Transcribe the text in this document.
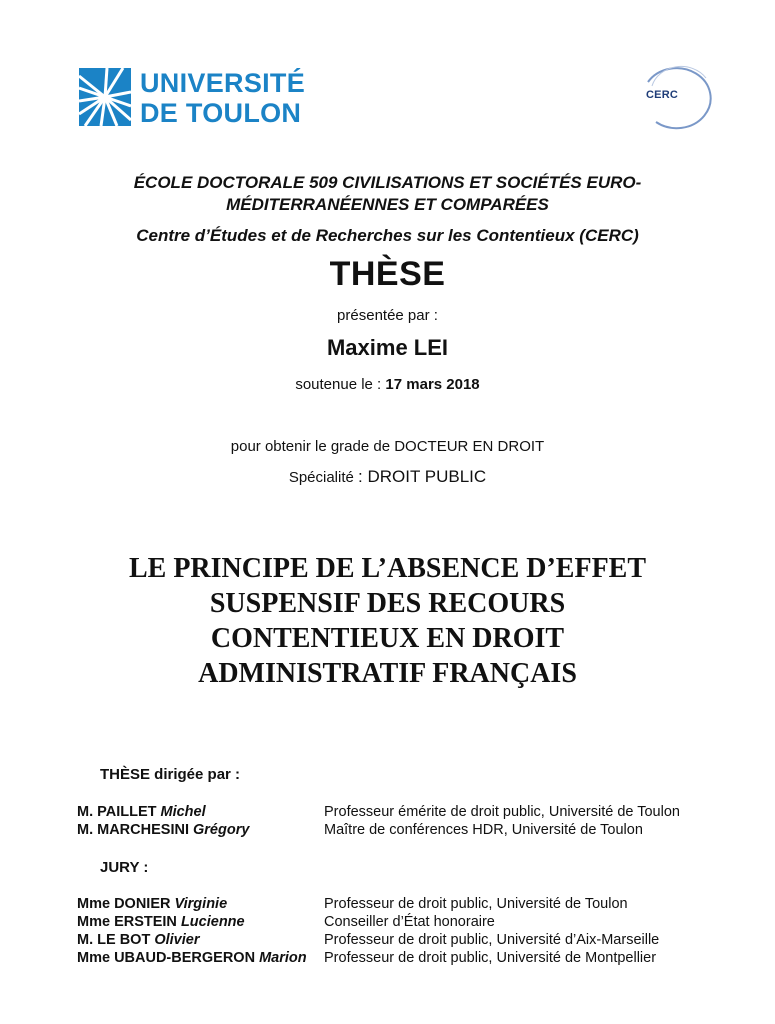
UNIVERSITÉ
DE TOULON
CERC
ÉCOLE DOCTORALE 509 CIVILISATIONS ET SOCIÉTÉS EURO-
MÉDITERRANÉENNES ET COMPARÉES
Centre d’Études et de Recherches sur les Contentieux (CERC)
THÈSE
présentée par :
Maxime LEI
soutenue le : 17 mars 2018
pour obtenir le grade de DOCTEUR EN DROIT
Spécialité : DROIT PUBLIC
LE PRINCIPE DE L’ABSENCE D’EFFET
SUSPENSIF DES RECOURS
CONTENTIEUX EN DROIT
ADMINISTRATIF FRANÇAIS
THÈSE dirigée par :
M. PAILLET Michel	Professeur émérite de droit public, Université de Toulon
M. MARCHESINI Grégory	Maître de conférences HDR, Université de Toulon
JURY :
Mme DONIER Virginie	Professeur de droit public, Université de Toulon
Mme ERSTEIN Lucienne	Conseiller d’État honoraire
M. LE BOT Olivier	Professeur de droit public, Université d’Aix-Marseille
Mme UBAUD-BERGERON Marion Professeur de droit public, Université de Montpellier
